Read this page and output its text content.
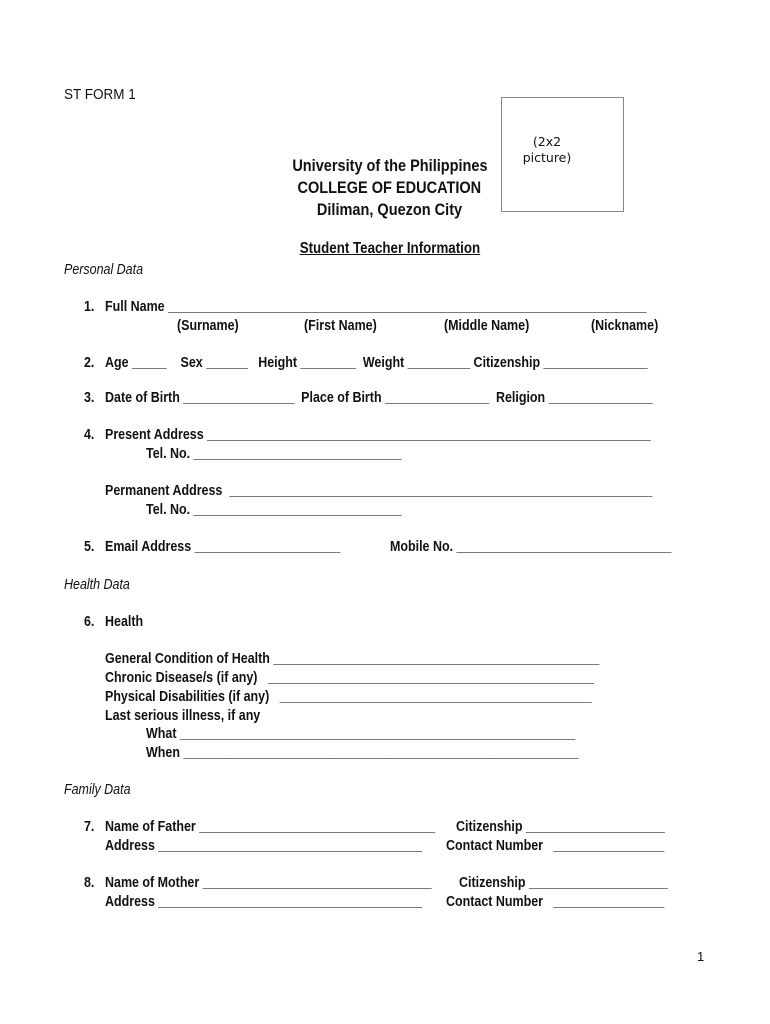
ST FORM 1
(2x2 picture)

University of the Philippines

COLLEGE OF EDUCATION

Diliman, Quezon City

Student Teacher Information

Personal Data
1. Full Name _____________________________________________________________________
(Surname)	(First Name)	(Middle Name)	(Nickname)
2. Age _____    Sex ______   Height ________  Weight _________ Citizenship _______________
3. Date of Birth ________________  Place of Birth _______________  Religion _______________
4. Present Address ________________________________________________________________
Tel. No. ______________________________
Permanent Address  _____________________________________________________________
Tel. No. ______________________________
5. Email Address _____________________	Mobile No. _______________________________
Health Data
6. Health
General Condition of Health _______________________________________________
Chronic Disease/s (if any)   _______________________________________________
Physical Disabilities (if any)   _____________________________________________
Last serious illness, if any
What _________________________________________________________
When _________________________________________________________
Family Data
7. Name of Father __________________________________ Citizenship ____________________
Address ______________________________________ Contact Number   ________________
8. Name of Mother _________________________________ Citizenship ____________________
Address ______________________________________ Contact Number   ________________
1
